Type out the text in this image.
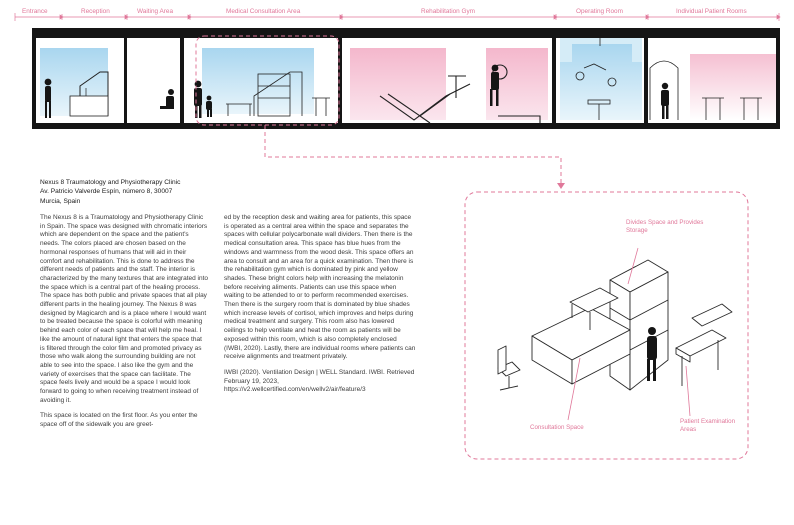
Entrance	Reception	Waiting Area	Medical Consultation Area	Rehabilitation Gym	Operating Room	Individual Patient Rooms
Nexus 8 Traumatology and Physiotherapy Clinic
Av. Patricio Valverde Espín, número 8, 30007
Murcia, Spain

The Nexus 8 is a Traumatology and Physiotherapy Clinic in Spain. The space was designed with chromatic interiors which are dependent on the space and the patient's needs. The colors placed are chosen based on the hormonal responses of humans that will aid in their comfort and rehabilitation. This is done to address the different needs of patients and the staff. The interior is characterized by the many textures that are integrated into the space which is a central part of the healing process. The space has both public and private spaces that all play different parts in the healing journey. The Nexus 8 was designed by Magicarch and is a place where I would want to be treated because the space is colorful with meaning behind each color of each space that will help me heal. I like the amount of natural light that enters the space that is filtered through the color film and promoted privacy as those who walk along the surrounding building are not able to see into the space. I also like the gym and the variety of exercises that the space can facilitate. The space feels lively and would be a space I would look forward to going to when receiving treatment instead of avoiding it.

This space is located on the first floor. As you enter the space off of the sidewalk you are greet-

ed by the reception desk and waiting area for patients, this space is operated as a central area within the space and separates the spaces with cellular polycarbonate wall dividers. Then there is the medical consultation area. This space has blue hues from the windows and warmness from the wood desk. This space offers an area to consult and an area for a quick examination. Then there is the rehabilitation gym which is dominated by pink and yellow shades. These bright colors help with increasing the melatonin before receiving aliments. Patients can use this space when waiting to be attended to or to perform recommended exercises. Then there is the surgery room that is dominated by blue shades which increase levels of cortisol, which improves and helps during medical treatment and surgery. This room also has lowered ceilings to help ventilate and heat the room as patients will be exposed within this room, which is also completely enclosed (IWBI, 2020). Lastly, there are individual rooms where patients can receive alignments and treatment privately.

IWBI (2020). Ventilation Design | WELL Standard. IWBI. Retrieved February 19, 2023, https://v2.wellcertified.com/en/wellv2/air/feature/3

Divides Space and Provides Storage
Consultation Space
Patient Examination Areas
